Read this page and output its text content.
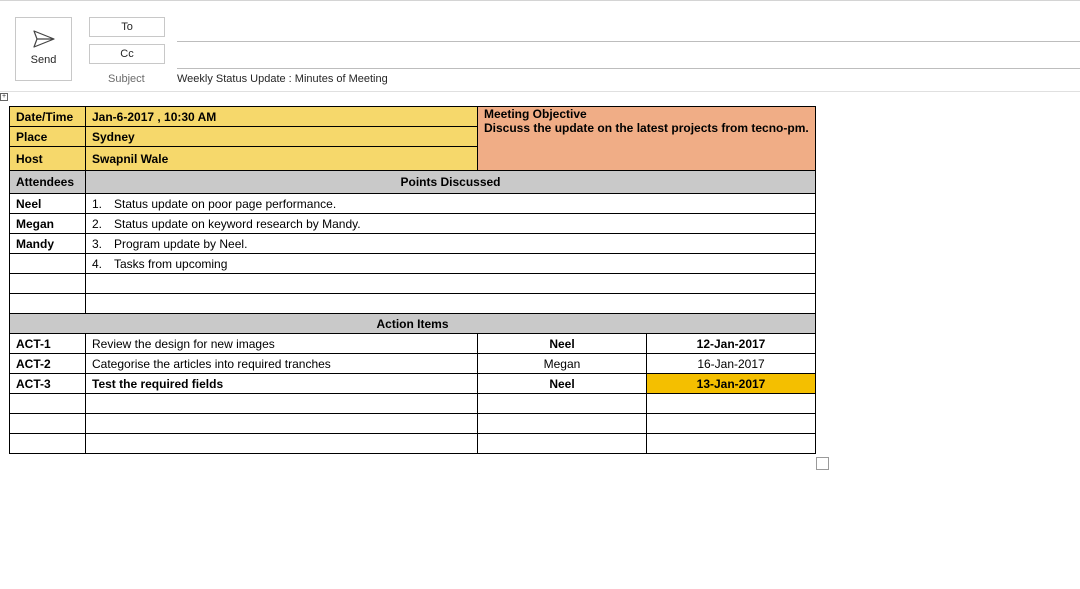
Send
To
Cc
Subject	Weekly Status Update : Minutes of Meeting
+
Date/Time	Jan-6-2017 , 10:30 AM	Meeting Objective
Discuss the update on the latest projects from tecno-pm.	

Place	Sydney		
Host	Swapnil Wale		
Attendees	Points Discussed		
Neel	1. Status update on poor page performance.		
Megan	2. Status update on keyword research by Mandy.		
Mandy	3. Program update by Neel.		
	4. Tasks from upcoming		

Action Items			
ACT-1	Review the design for new images	Neel	12-Jan-2017
ACT-2	Categorise the articles into required tranches	Megan	16-Jan-2017
ACT-3	Test the required fields	Neel	13-Jan-2017
